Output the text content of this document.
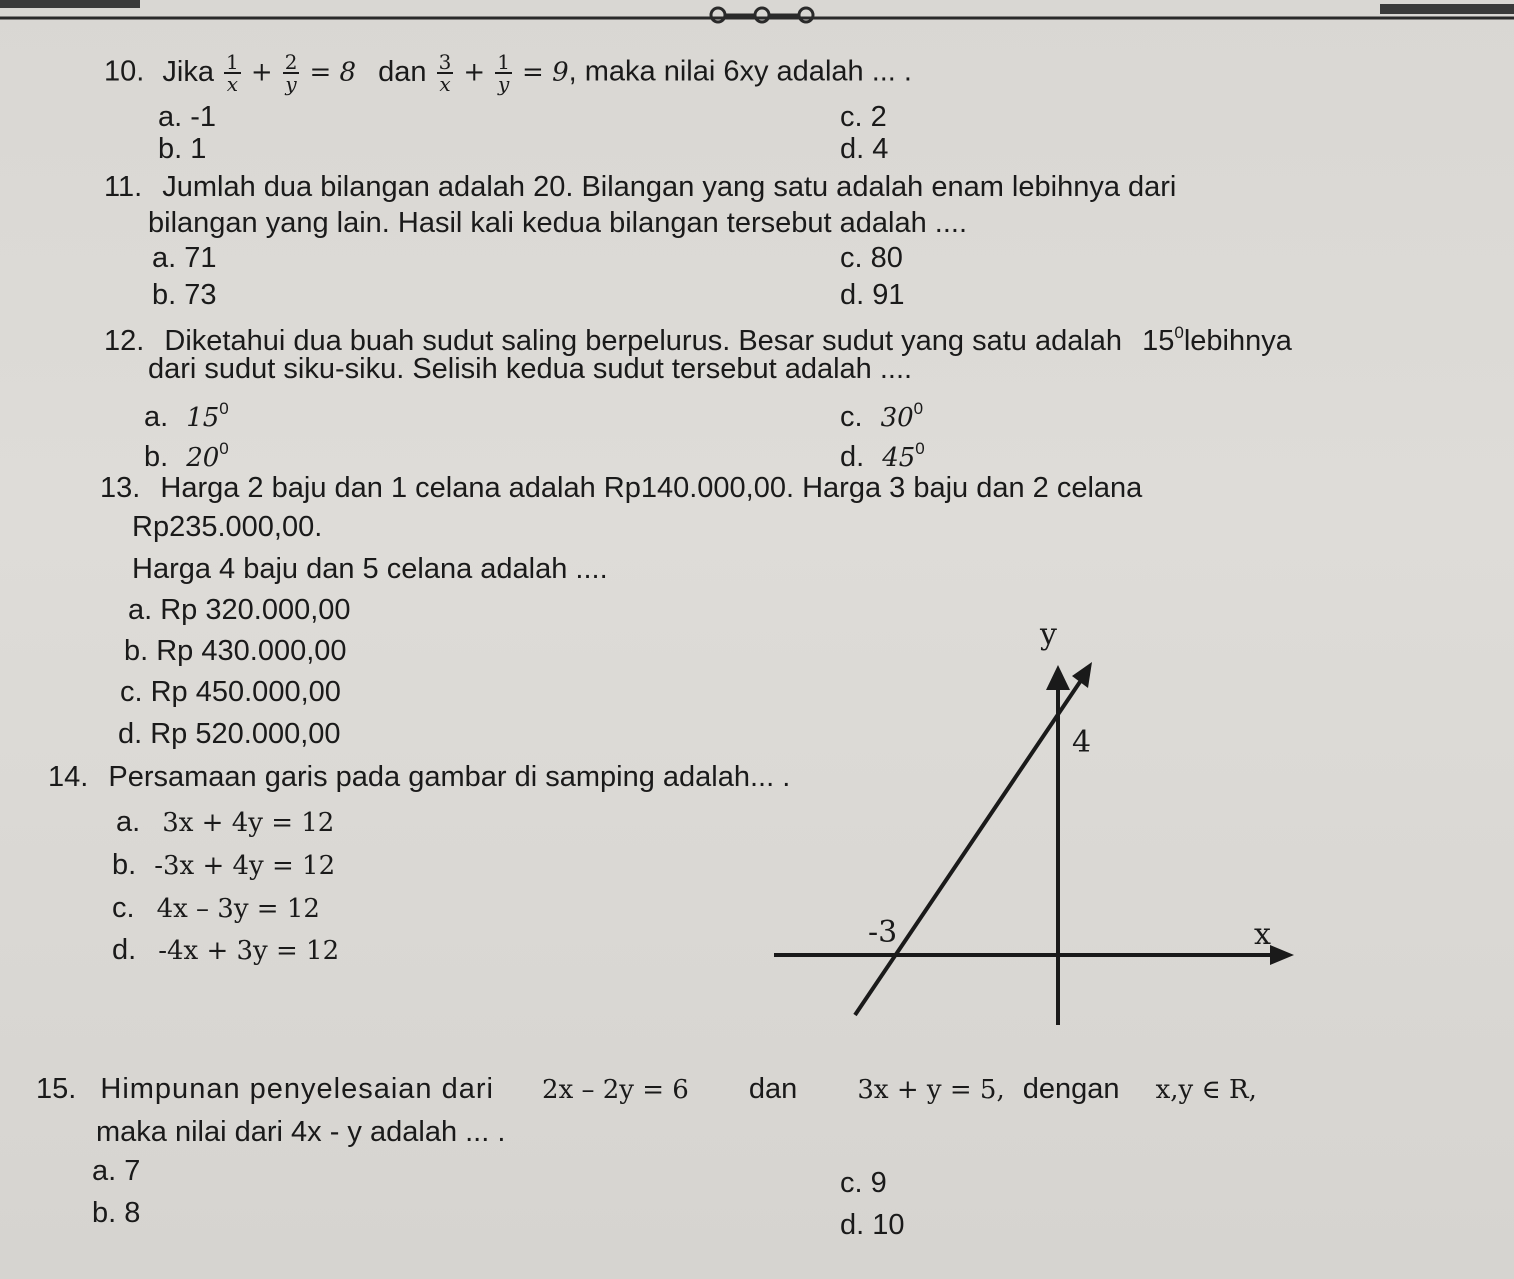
10. Jika $\frac{1}{x} + \frac{2}{y} = 8$ dan $\frac{3}{x} + \frac{1}{y} = 9$, maka nilai 6xy adalah ... .
a. -1
b. 1
c. 2
d. 4
11. Jumlah dua bilangan adalah 20. Bilangan yang satu adalah enam lebihnya dari
bilangan yang lain. Hasil kali kedua bilangan tersebut adalah ....
a. 71
b. 73
c. 80
d. 91
12. Diketahui dua buah sudut saling berpelurus. Besar sudut yang satu adalah $15^0lebihnya$
dari sudut siku-siku. Selisih kedua sudut tersebut adalah ....
a. $15^0$
b. $20^0$
c. $30^0$
d. $45^0$
13. Harga 2 baju dan 1 celana adalah Rp140.000,00. Harga 3 baju dan 2 celana
Rp235.000,00.
Harga 4 baju dan 5 celana adalah ....
a. Rp 320.000,00
b. Rp 430.000,00
c. Rp 450.000,00
d. Rp 520.000,00
14. Persamaan garis pada gambar di samping adalah... .
a. 3x + 4y = 12
b. -3x + 4y = 12
c. 4x – 3y = 12
d. -4x + 3y = 12
y
x
4
-3
15. Himpunan penyelesaian dari 2x – 2y = 6 dan 3x + y = 5, dengan x,y ∈ R,
maka nilai dari 4x - y adalah ... .
a. 7
b. 8
c. 9
d. 10
